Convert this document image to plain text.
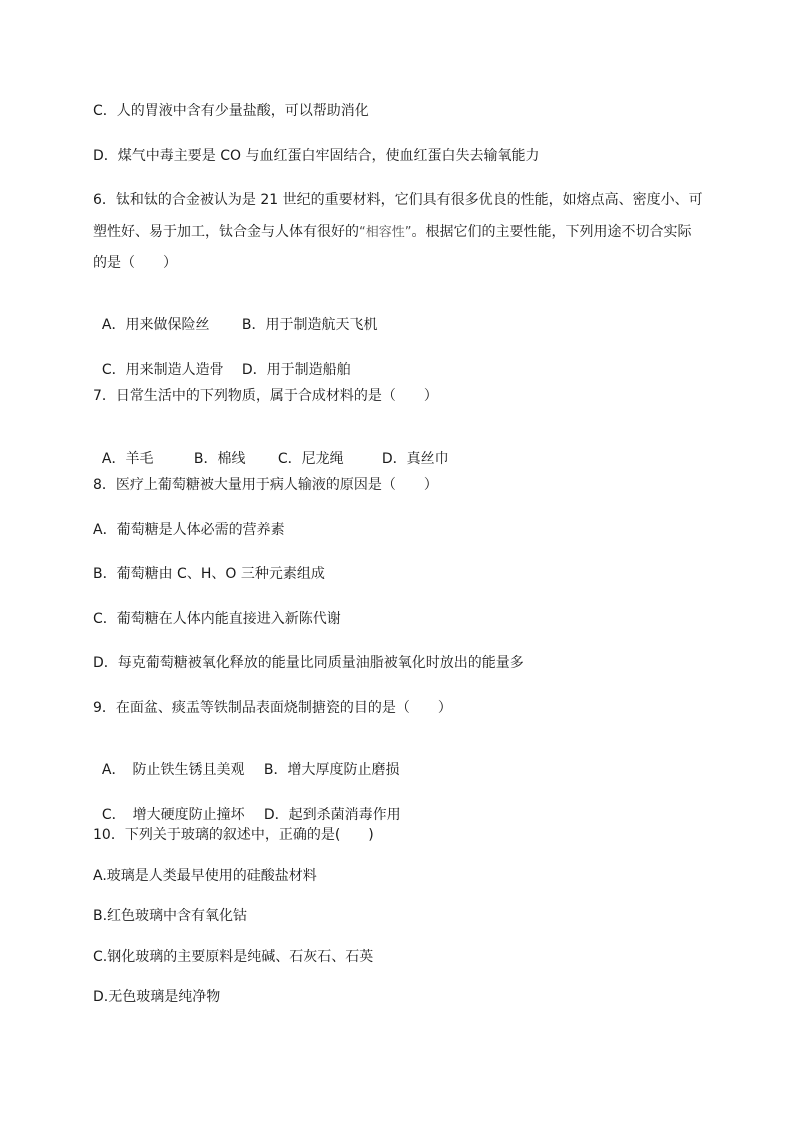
C．人的胃液中含有少量盐酸，可以帮助消化
D．煤气中毒主要是 CO 与血红蛋白牢固结合，使血红蛋白失去输氧能力
6．钛和钛的合金被认为是 21 世纪的重要材料，它们具有很多优良的性能，如熔点高、密度小、可
塑性好、易于加工，钛合金与人体有很好的“相容性”。根据它们的主要性能，下列用途不切合实际
的是（　　）

A．用来做保险丝 B．用于制造航天飞机

C．用来制造人造骨 D．用于制造船舶

7．日常生活中的下列物质，属于合成材料的是（　　）

A．羊毛	B．棉线 C．尼龙绳	D．真丝巾

8．医疗上葡萄糖被大量用于病人输液的原因是（　　）
A．葡萄糖是人体必需的营养素
B．葡萄糖由 C、H、O 三种元素组成
C．葡萄糖在人体内能直接进入新陈代谢
D．每克葡萄糖被氧化释放的能量比同质量油脂被氧化时放出的能量多
9．在面盆、痰盂等铁制品表面烧制搪瓷的目的是（　　）

A．　防止铁生锈且美观 B．增大厚度防止磨损

C．　增大硬度防止撞坏 D．起到杀菌消毒作用

10．下列关于玻璃的叙述中，正确的是(　　)
A.玻璃是人类最早使用的硅酸盐材料
B.红色玻璃中含有氧化钴
C.钢化玻璃的主要原料是纯碱、石灰石、石英
D.无色玻璃是纯净物
